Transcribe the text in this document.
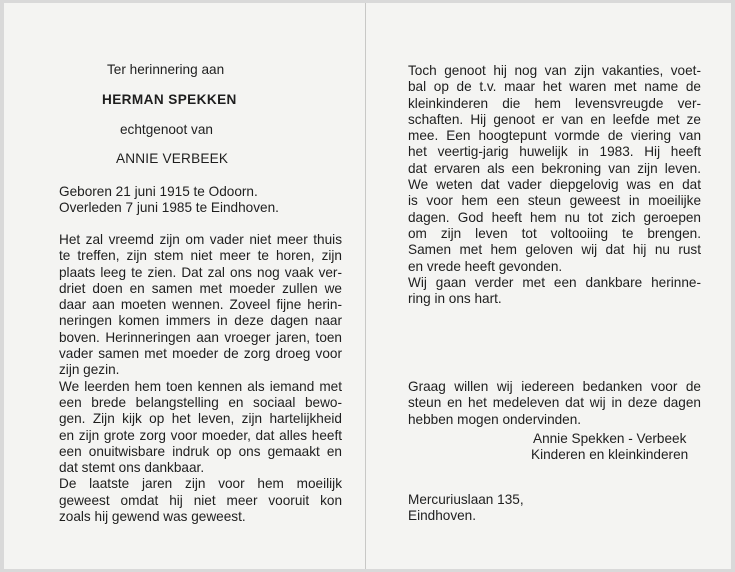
Ter herinnering aan
HERMAN SPEKKEN
echtgenoot van
ANNIE VERBEEK
Geboren 21 juni 1915 te Odoorn.
Overleden 7 juni 1985 te Eindhoven.
Het zal vreemd zijn om vader niet meer thuis
te treffen, zijn stem niet meer te horen, zijn
plaats leeg te zien. Dat zal ons nog vaak ver-
driet doen en samen met moeder zullen we
daar aan moeten wennen. Zoveel fijne herin-
neringen komen immers in deze dagen naar
boven. Herinneringen aan vroeger jaren, toen
vader samen met moeder de zorg droeg voor
zijn gezin.
We leerden hem toen kennen als iemand met
een brede belangstelling en sociaal bewo-
gen. Zijn kijk op het leven, zijn hartelijkheid
en zijn grote zorg voor moeder, dat alles heeft
een onuitwisbare indruk op ons gemaakt en
dat stemt ons dankbaar.
De laatste jaren zijn voor hem moeilijk
geweest omdat hij niet meer vooruit kon
zoals hij gewend was geweest.
Toch genoot hij nog van zijn vakanties, voet-
bal op de t.v. maar het waren met name de
kleinkinderen die hem levensvreugde ver-
schaften. Hij genoot er van en leefde met ze
mee. Een hoogtepunt vormde de viering van
het veertig-jarig huwelijk in 1983. Hij heeft
dat ervaren als een bekroning van zijn leven.
We weten dat vader diepgelovig was en dat
is voor hem een steun geweest in moeilijke
dagen. God heeft hem nu tot zich geroepen
om zijn leven tot voltooiing te brengen.
Samen met hem geloven wij dat hij nu rust
en vrede heeft gevonden.
Wij gaan verder met een dankbare herinne-
ring in ons hart.
Graag willen wij iedereen bedanken voor de
steun en het medeleven dat wij in deze dagen
hebben mogen ondervinden.
Annie Spekken - Verbeek
Kinderen en kleinkinderen
Mercuriuslaan 135,
Eindhoven.
